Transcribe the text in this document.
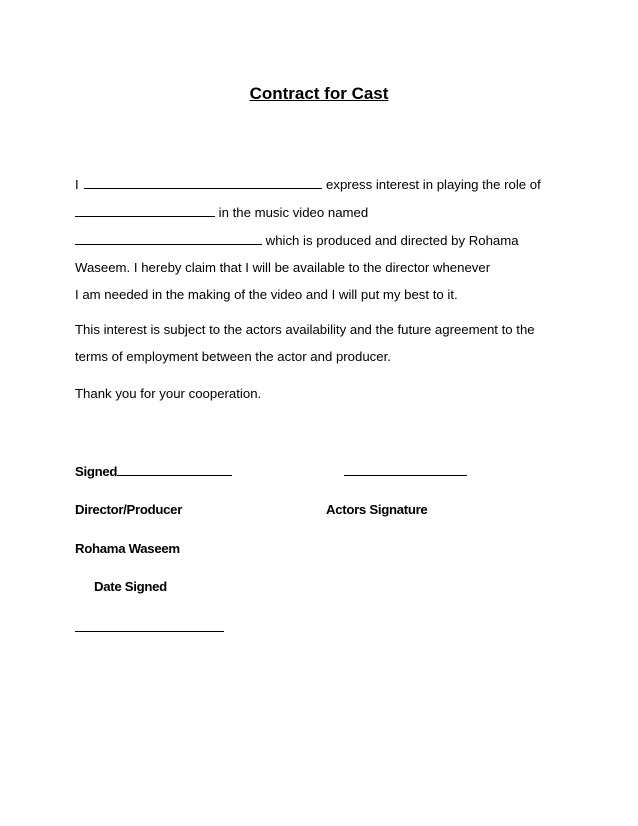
Contract for Cast
I	express interest in playing the role of
in the music video named
which is produced and directed by Rohama
Waseem. I hereby claim that I will be available to the director whenever
I am needed in the making of the video and I will put my best to it.
This interest is subject to the actors availability and the future agreement to the
terms of employment between the actor and producer.
Thank you for your cooperation.
Signed
Director/Producer	Actors Signature
Rohama Waseem
Date Signed
